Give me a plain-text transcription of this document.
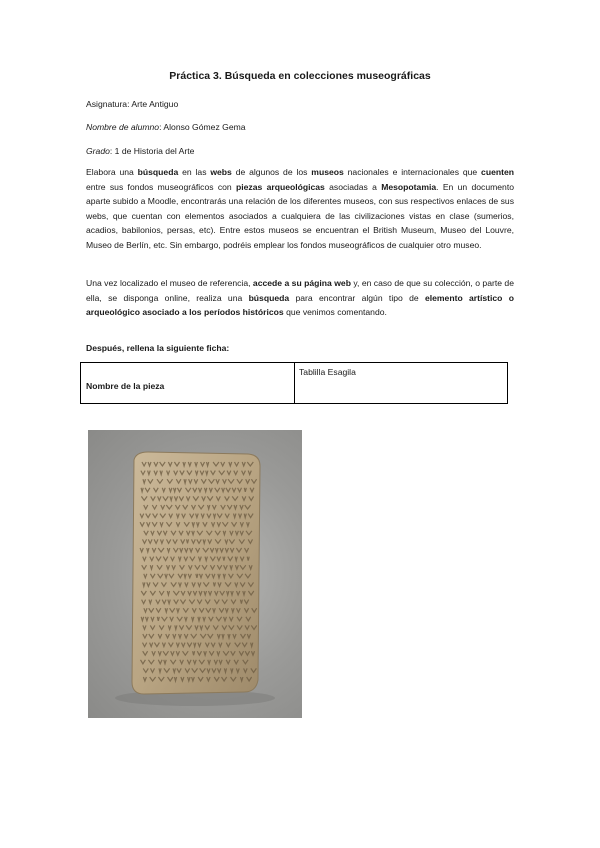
Práctica 3. Búsqueda en colecciones museográficas
Asignatura: Arte Antiguo
Nombre de alumno: Alonso Gómez Gema
Grado: 1 de Historia del Arte
Elabora una búsqueda en las webs de algunos de los museos nacionales e internacionales que cuenten entre sus fondos museográficos con piezas arqueológicas asociadas a Mesopotamia. En un documento aparte subido a Moodle, encontrarás una relación de los diferentes museos, con sus respectivos enlaces de sus webs, que cuentan con elementos asociados a cualquiera de las civilizaciones vistas en clase (sumerios, acadios, babilonios, persas, etc). Entre estos museos se encuentran el British Museum, Museo del Louvre, Museo de Berlín, etc. Sin embargo, podréis emplear los fondos museográficos de cualquier otro museo.
Una vez localizado el museo de referencia, accede a su página web y, en caso de que su colección, o parte de ella, se disponga online, realiza una búsqueda para encontrar algún tipo de elemento artístico o arqueológico asociado a los períodos históricos que venimos comentando.
Después, rellena la siguiente ficha:
Nombre de la pieza
Tablilla Esagila
